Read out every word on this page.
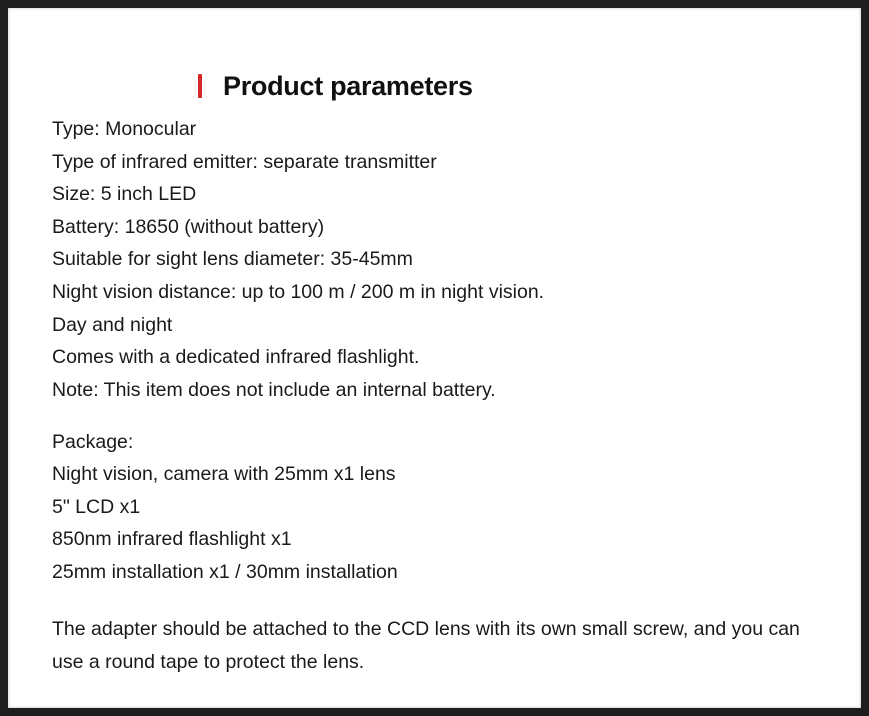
Product parameters
Type: Monocular
Type of infrared emitter: separate transmitter
Size: 5 inch LED
Battery: 18650 (without battery)
Suitable for sight lens diameter: 35-45mm
Night vision distance: up to 100 m / 200 m in night vision.
Day and night
Comes with a dedicated infrared flashlight.
Note: This item does not include an internal battery.
Package:
Night vision, camera with 25mm x1 lens
5" LCD x1
850nm infrared flashlight x1
25mm installation x1 / 30mm installation
The adapter should be attached to the CCD lens with its own small screw, and you can use a round tape to protect the lens.
